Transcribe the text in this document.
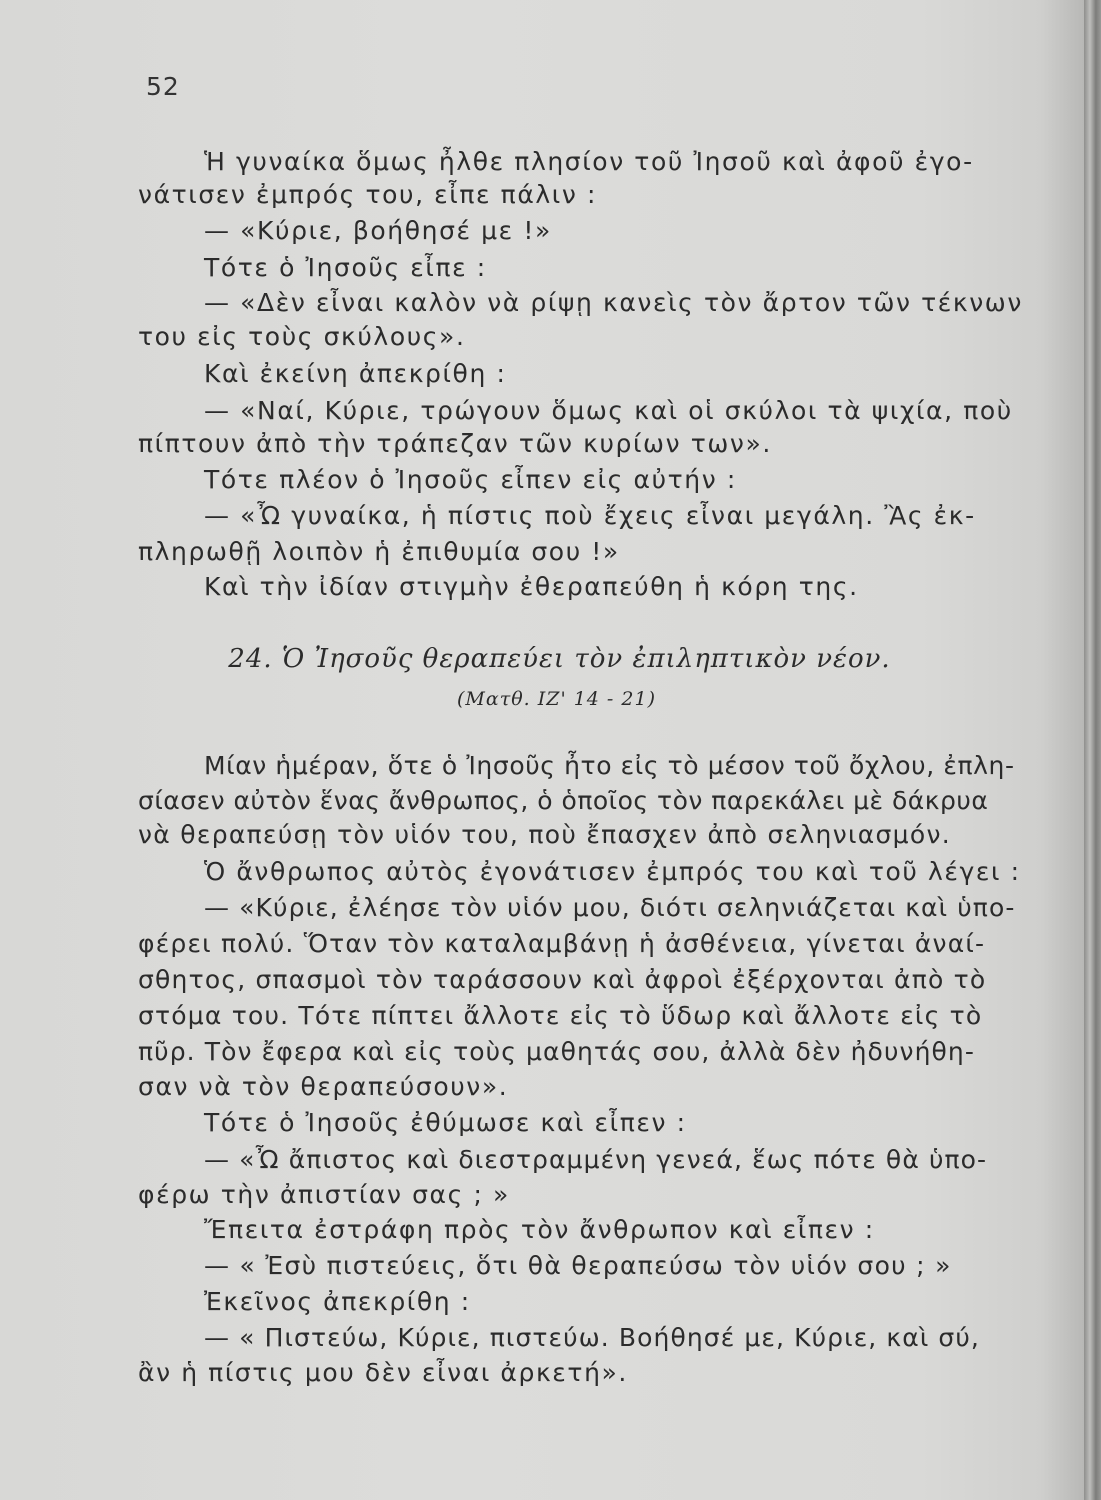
52
Ἡ γυναίκα ὅμως ἦλθε πλησίον τοῦ Ἰησοῦ καὶ ἀφοῦ ἐγο-
νάτισεν ἐμπρός του, εἶπε πάλιν :
— «Κύριε, βοήθησέ με !»
Τότε ὁ Ἰησοῦς εἶπε :
— «Δὲν εἶναι καλὸν νὰ ρίψῃ κανεὶς τὸν ἄρτον τῶν τέκνων
του εἰς τοὺς σκύλους».
Καὶ ἐκείνη ἀπεκρίθη :
— «Ναί, Κύριε, τρώγουν ὅμως καὶ οἱ σκύλοι τὰ ψιχία, ποὺ
πίπτουν ἀπὸ τὴν τράπεζαν τῶν κυρίων των».
Τότε πλέον ὁ Ἰησοῦς εἶπεν εἰς αὐτήν :
— «Ὦ γυναίκα, ἡ πίστις ποὺ ἔχεις εἶναι μεγάλη. Ἂς ἐκ-
πληρωθῇ λοιπὸν ἡ ἐπιθυμία σου !»
Καὶ τὴν ἰδίαν στιγμὴν ἐθεραπεύθη ἡ κόρη της.
24. Ὁ Ἰησοῦς θεραπεύει τὸν ἐπιληπτικὸν νέον.
(Ματθ. ΙΖ' 14 - 21)
Μίαν ἡμέραν, ὅτε ὁ Ἰησοῦς ἦτο εἰς τὸ μέσον τοῦ ὄχλου, ἐπλη-
σίασεν αὐτὸν ἕνας ἄνθρωπος, ὁ ὁποῖος τὸν παρεκάλει μὲ δάκρυα
νὰ θεραπεύσῃ τὸν υἱόν του, ποὺ ἔπασχεν ἀπὸ σεληνιασμόν.
Ὁ ἄνθρωπος αὐτὸς ἐγονάτισεν ἐμπρός του καὶ τοῦ λέγει :
— «Κύριε, ἐλέησε τὸν υἱόν μου, διότι σεληνιάζεται καὶ ὑπο-
φέρει πολύ. Ὅταν τὸν καταλαμβάνῃ ἡ ἀσθένεια, γίνεται ἀναί-
σθητος, σπασμοὶ τὸν ταράσσουν καὶ ἀφροὶ ἐξέρχονται ἀπὸ τὸ
στόμα του. Τότε πίπτει ἄλλοτε εἰς τὸ ὕδωρ καὶ ἄλλοτε εἰς τὸ
πῦρ. Τὸν ἔφερα καὶ εἰς τοὺς μαθητάς σου, ἀλλὰ δὲν ἠδυνήθη-
σαν νὰ τὸν θεραπεύσουν».
Τότε ὁ Ἰησοῦς ἐθύμωσε καὶ εἶπεν :
— «Ὦ ἄπιστος καὶ διεστραμμένη γενεά, ἕως πότε θὰ ὑπο-
φέρω τὴν ἀπιστίαν σας ; »
Ἔπειτα ἐστράφη πρὸς τὸν ἄνθρωπον καὶ εἶπεν :
— « Ἐσὺ πιστεύεις, ὅτι θὰ θεραπεύσω τὸν υἱόν σου ; »
Ἐκεῖνος ἀπεκρίθη :
— « Πιστεύω, Κύριε, πιστεύω. Βοήθησέ με, Κύριε, καὶ σύ,
ἂν ἡ πίστις μου δὲν εἶναι ἀρκετή».
